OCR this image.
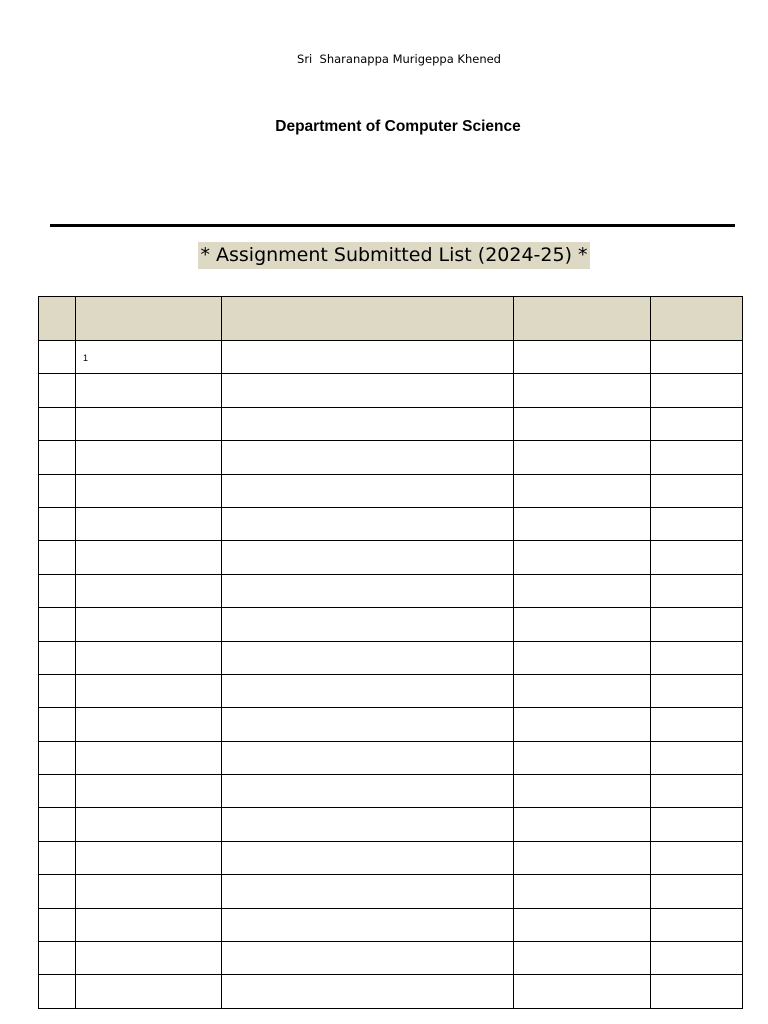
Sri  Sharanappa Murigeppa Khened
Department of Computer Science
* Assignment Submitted List (2024-25) *

	1			
